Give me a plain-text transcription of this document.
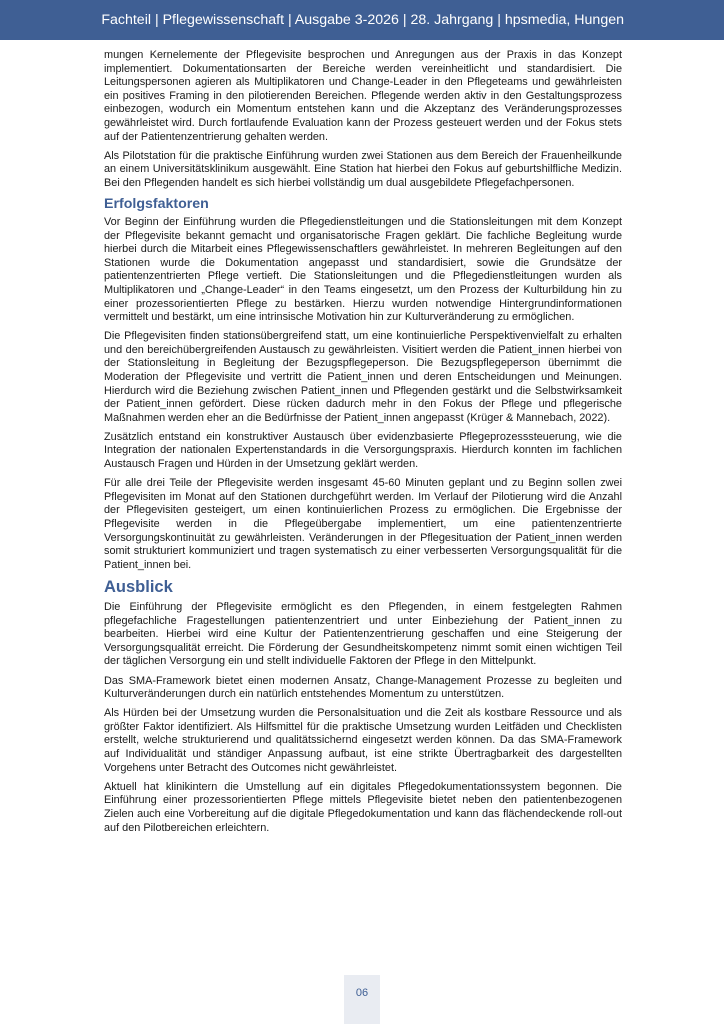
Fachteil | Pflegewissenschaft | Ausgabe 3-2026 | 28. Jahrgang | hpsmedia, Hungen

mungen Kernelemente der Pflegevisite besprochen und Anregungen aus der Praxis in das Konzept implementiert. Dokumentationsarten der Bereiche werden vereinheitlicht und standardisiert. Die Leitungspersonen agieren als Multiplikatoren und Change-Leader in den Pflegeteams und gewährleisten ein positives Framing in den pilotierenden Bereichen. Pflegende werden aktiv in den Gestaltungsprozess einbezogen, wodurch ein Momentum entstehen kann und die Akzeptanz des Veränderungsprozesses gewährleistet wird. Durch fortlaufende Evaluation kann der Prozess gesteuert werden und der Fokus stets auf der Patientenzentrierung gehalten werden.

Als Pilotstation für die praktische Einführung wurden zwei Stationen aus dem Bereich der Frauenheilkunde an einem Universitätsklinikum ausgewählt. Eine Station hat hierbei den Fokus auf geburtshilfliche Medizin. Bei den Pflegenden handelt es sich hierbei vollständig um dual ausgebildete Pflegefachpersonen.

Erfolgsfaktoren

Vor Beginn der Einführung wurden die Pflegedienstleitungen und die Stationsleitungen mit dem Konzept der Pflegevisite bekannt gemacht und organisatorische Fragen geklärt. Die fachliche Begleitung wurde hierbei durch die Mitarbeit eines Pflegewissenschaftlers gewährleistet. In mehreren Begleitungen auf den Stationen wurde die Dokumentation angepasst und standardisiert, sowie die Grundsätze der patientenzentrierten Pflege vertieft. Die Stationsleitungen und die Pflegedienstleitungen wurden als Multiplikatoren und „Change-Leader“ in den Teams eingesetzt, um den Prozess der Kulturbildung hin zu einer prozessorientierten Pflege zu bestärken. Hierzu wurden notwendige Hintergrundinformationen vermittelt und bestärkt, um eine intrinsische Motivation hin zur Kulturveränderung zu ermöglichen.

Die Pflegevisiten finden stationsübergreifend statt, um eine kontinuierliche Perspektivenvielfalt zu erhalten und den bereichübergreifenden Austausch zu gewährleisten. Visitiert werden die Patient_innen hierbei von der Stationsleitung in Begleitung der Bezugspflegeperson. Die Bezugspflegeperson übernimmt die Moderation der Pflegevisite und vertritt die Patient_innen und deren Entscheidungen und Meinungen. Hierdurch wird die Beziehung zwischen Patient_innen und Pflegenden gestärkt und die Selbstwirksamkeit der Patient_innen gefördert. Diese rücken dadurch mehr in den Fokus der Pflege und pflegerische Maßnahmen werden eher an die Bedürfnisse der Patient_innen angepasst (Krüger & Mannebach, 2022).

Zusätzlich entstand ein konstruktiver Austausch über evidenzbasierte Pflegeprozesssteuerung, wie die Integration der nationalen Expertenstandards in die Versorgungspraxis. Hierdurch konnten im fachlichen Austausch Fragen und Hürden in der Umsetzung geklärt werden.

Für alle drei Teile der Pflegevisite werden insgesamt 45-60 Minuten geplant und zu Beginn sollen zwei Pflegevisiten im Monat auf den Stationen durchgeführt werden. Im Verlauf der Pilotierung wird die Anzahl der Pflegevisiten gesteigert, um einen kontinuierlichen Prozess zu ermöglichen. Die Ergebnisse der Pflegevisite werden in die Pflegeübergabe implementiert, um eine patientenzentrierte Versorgungskontinuität zu gewährleisten. Veränderungen in der Pflegesituation der Patient_innen werden somit strukturiert kommuniziert und tragen systematisch zu einer verbesserten Versorgungsqualität für die Patient_innen bei.

Ausblick

Die Einführung der Pflegevisite ermöglicht es den Pflegenden, in einem festgelegten Rahmen pflegefachliche Fragestellungen patientenzentriert und unter Einbeziehung der Patient_innen zu bearbeiten. Hierbei wird eine Kultur der Patientenzentrierung geschaffen und eine Steigerung der Versorgungsqualität erreicht. Die Förderung der Gesundheitskompetenz nimmt somit einen wichtigen Teil der täglichen Versorgung ein und stellt individuelle Faktoren der Pflege in den Mittelpunkt.

Das SMA-Framework bietet einen modernen Ansatz, Change-Management Prozesse zu begleiten und Kulturveränderungen durch ein natürlich entstehendes Momentum zu unterstützen.

Als Hürden bei der Umsetzung wurden die Personalsituation und die Zeit als kostbare Ressource und als größter Faktor identifiziert. Als Hilfsmittel für die praktische Umsetzung wurden Leitfäden und Checklisten erstellt, welche strukturierend und qualitätssichernd eingesetzt werden können. Da das SMA-Framework auf Individualität und ständiger Anpassung aufbaut, ist eine strikte Übertragbarkeit des dargestellten Vorgehens unter Betracht des Outcomes nicht gewährleistet.

Aktuell hat klinikintern die Umstellung auf ein digitales Pflegedokumentationssystem begonnen. Die Einführung einer prozessorientierten Pflege mittels Pflegevisite bietet neben den patientenbezogenen Zielen auch eine Vorbereitung auf die digitale Pflegedokumentation und kann das flächendeckende roll-out auf den Pilotbereichen erleichtern.

06
